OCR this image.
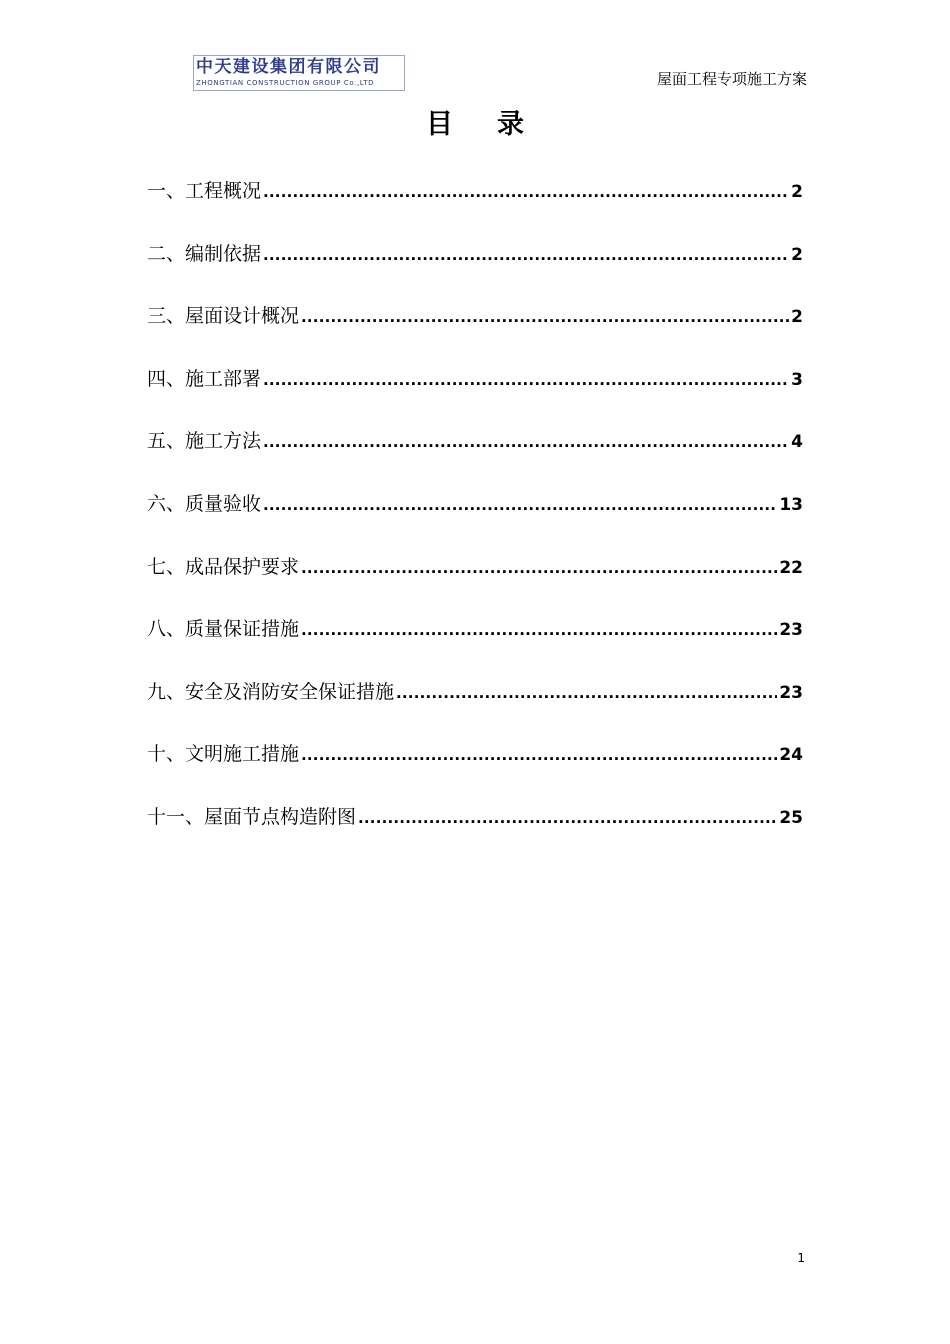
中天建设集团有限公司
ZHONGTIAN CONSTRUCTION GROUP Co.,LTD	屋面工程专项施工方案
目 录
一、工程概况 .....	2
二、编制依据 .....	2
三、屋面设计概况 .....	2
四、施工部署 .....	3
五、施工方法 .....	4
六、质量验收 .....	13
七、成品保护要求 .....	22
八、质量保证措施 .....	23
九、安全及消防安全保证措施 .....	23
十、文明施工措施 .....	24
十一、屋面节点构造附图 .....	25
1
